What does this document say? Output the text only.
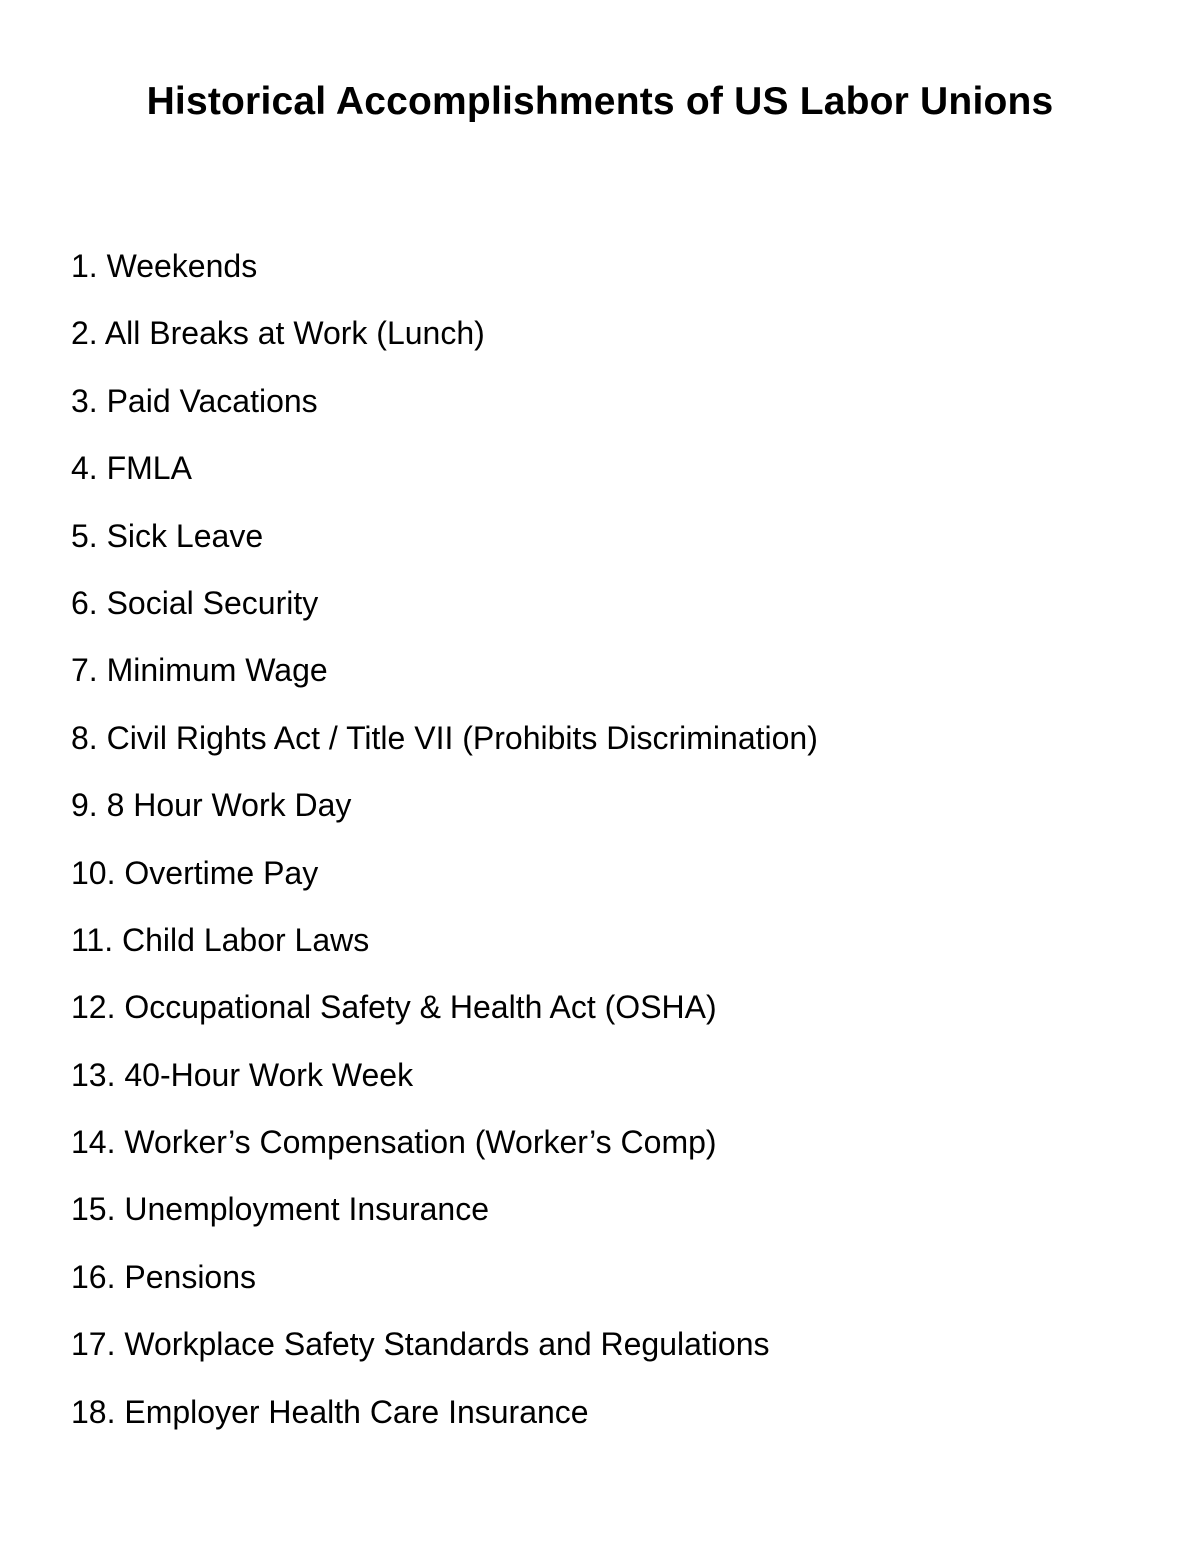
Historical Accomplishments of US Labor Unions
1 . Weekends
2 . All Breaks at Work (Lunch)
3 . Paid Vacations
4 . FMLA
5 . Sick Leave
6 . Social Security
7 . Minimum Wage
8 . Civil Rights Act / Title VII (Prohibits Discrimination)
9 . 8 Hour Work Day
10 . Overtime Pay
11 . Child Labor Laws
12 . Occupational Safety & Health Act (OSHA)
13 . 40-Hour Work Week
14 . Worker’s Compensation (Worker’s Comp)
15 . Unemployment Insurance
16 . Pensions
17 . Workplace Safety Standards and Regulations
18 . Employer Health Care Insurance
